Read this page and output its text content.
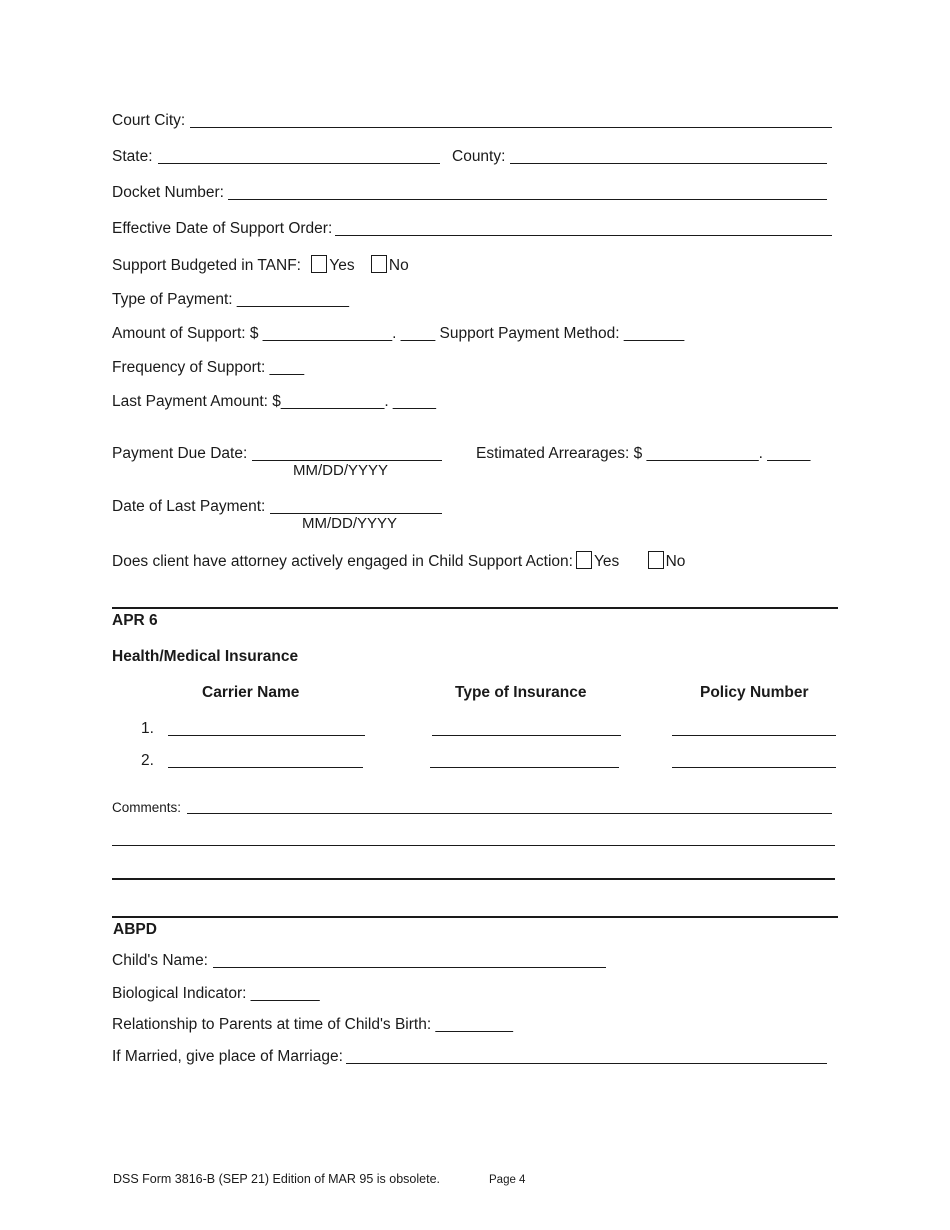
Court City:
State:	County:
Docket Number:
Effective Date of Support Order:
Support Budgeted in TANF: Yes No
Type of Payment: _____________
Amount of Support: $ _______________. ____ Support Payment Method: _______
Frequency of Support: ____
Last Payment Amount: $____________. _____
Payment Due Date:
MM/DD/YYYY
Estimated Arrearages: $ _____________. _____
Date of Last Payment:
MM/DD/YYYY
Does client have attorney actively engaged in Child Support Action: Yes	No
APR 6
Health/Medical Insurance
Carrier Name	Type of Insurance	Policy Number
1.
2.
Comments:
ABPD
Child's Name:
Biological Indicator: ________
Relationship to Parents at time of Child's Birth: _________
If Married, give place of Marriage:
DSS Form 3816-B (SEP 21) Edition of MAR 95 is obsolete.	Page 4
